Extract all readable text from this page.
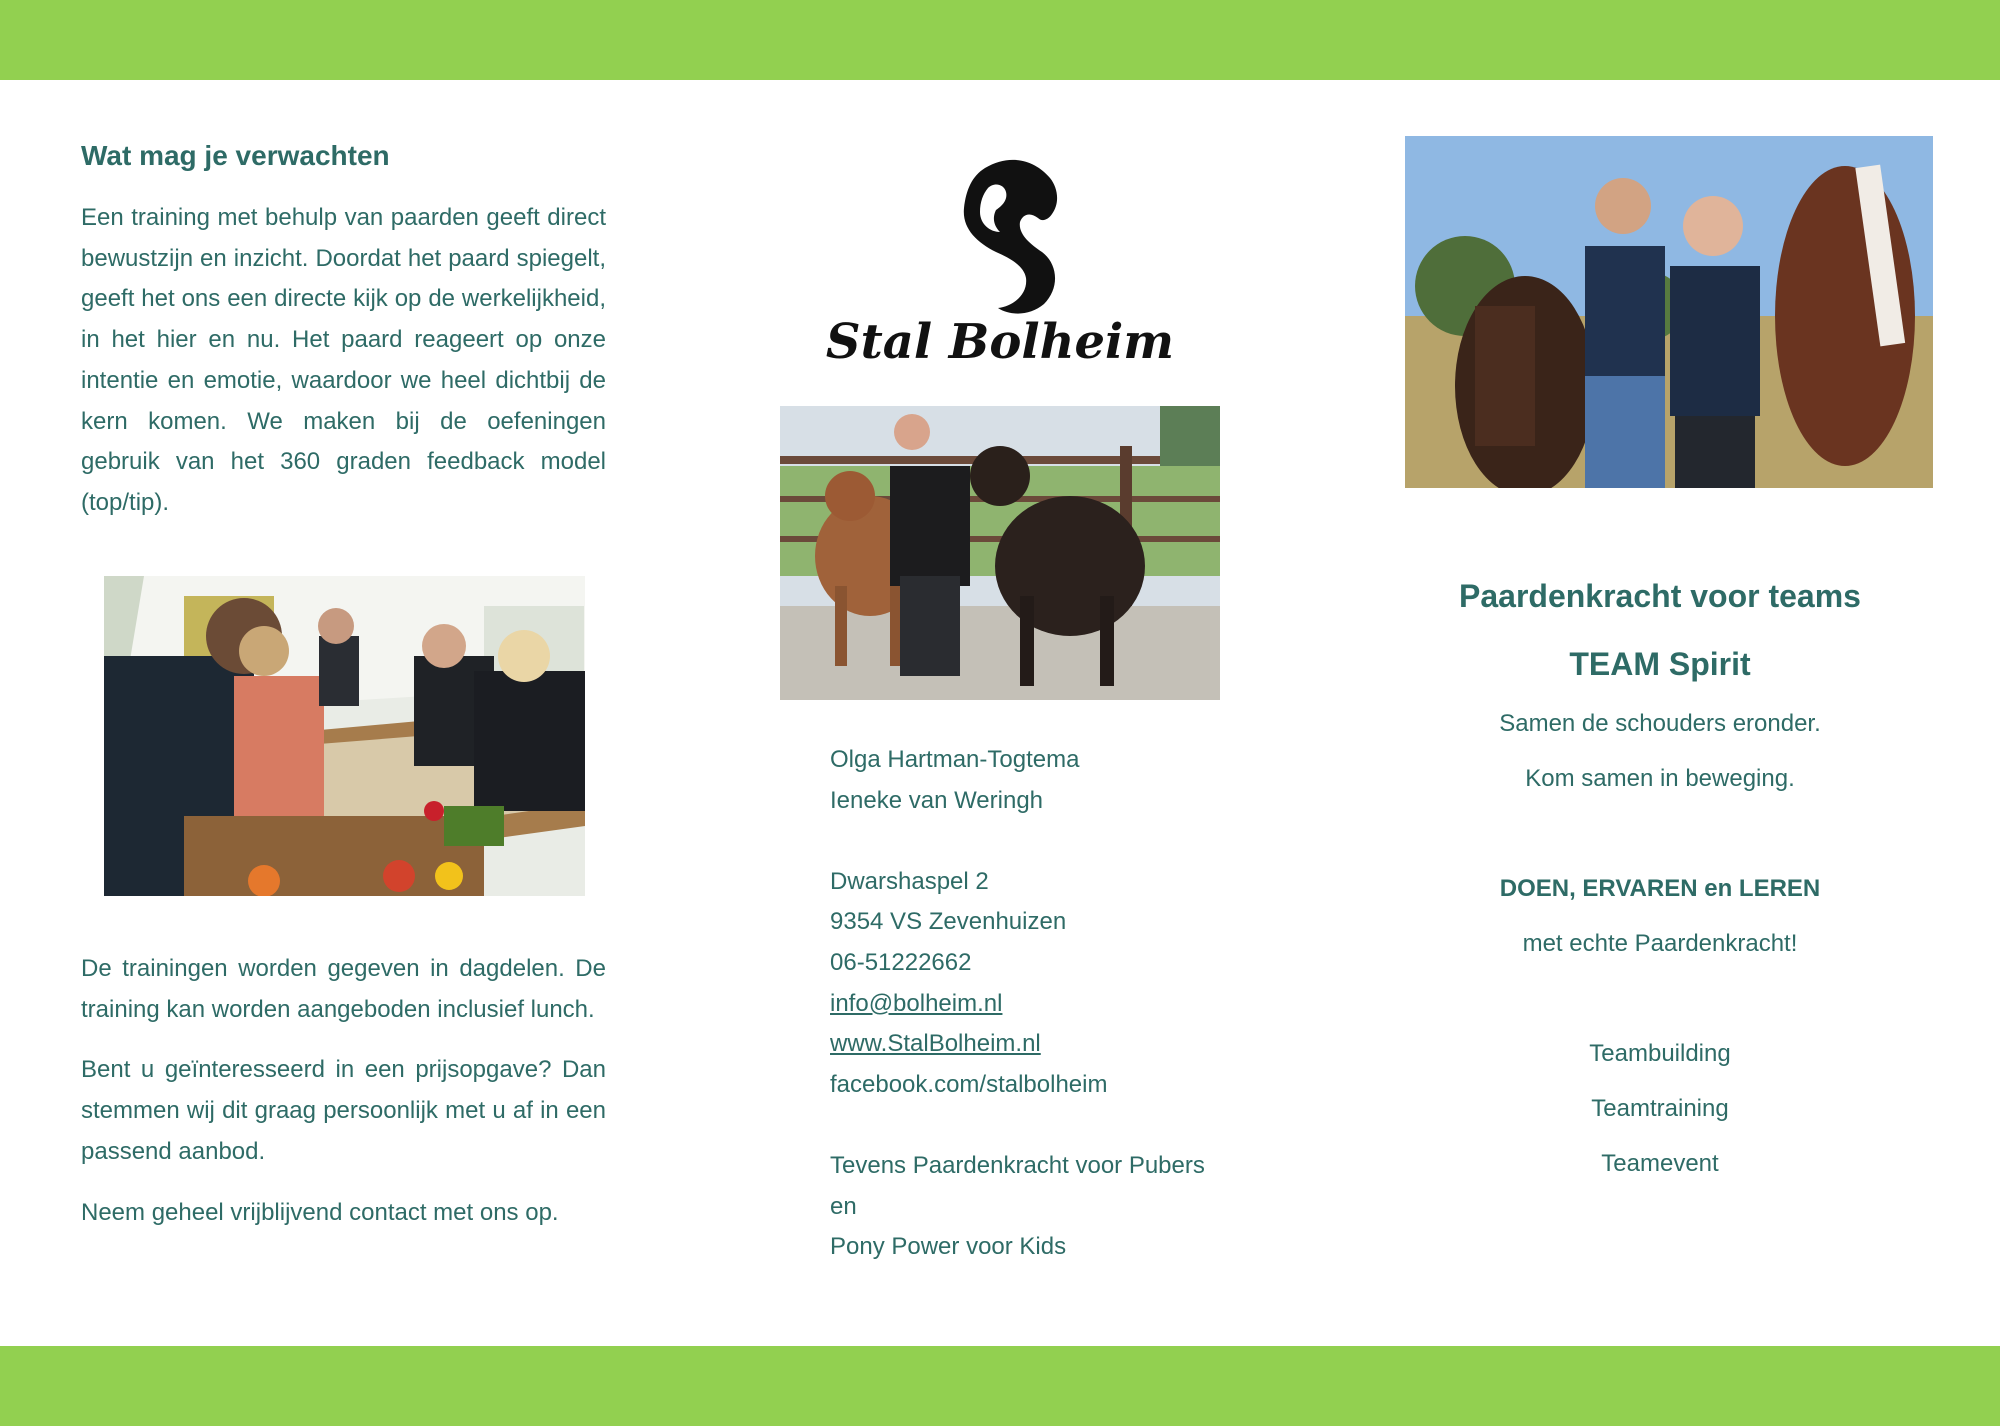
Wat mag je verwachten

Een training met behulp van paarden geeft direct bewustzijn en inzicht. Doordat het paard spiegelt, geeft het ons een directe kijk op de werkelijkheid, in het hier en nu. Het paard reageert op onze intentie en emotie, waardoor we heel dichtbij de kern komen. We maken bij de oefeningen gebruik van het 360 graden feedback model (top/tip).

De trainingen worden gegeven in dagdelen. De training kan worden aangeboden inclusief lunch.

Bent u geïnteresseerd in een prijsopgave? Dan stemmen wij dit graag persoonlijk met u af in een passend aanbod.

Neem geheel vrijblijvend contact met ons op.

Stal Bolheim
Olga Hartman-Togtema
Ieneke van Weringh
Dwarshaspel 2
9354 VS Zevenhuizen
06-51222662
info@bolheim.nl
www.StalBolheim.nl
facebook.com/stalbolheim
Tevens Paardenkracht voor Pubers
en
Pony Power voor Kids
Paardenkracht voor teams
TEAM Spirit
Samen de schouders eronder.
Kom samen in beweging.
DOEN, ERVAREN en LEREN
met echte Paardenkracht!
Teambuilding
Teamtraining
Teamevent
